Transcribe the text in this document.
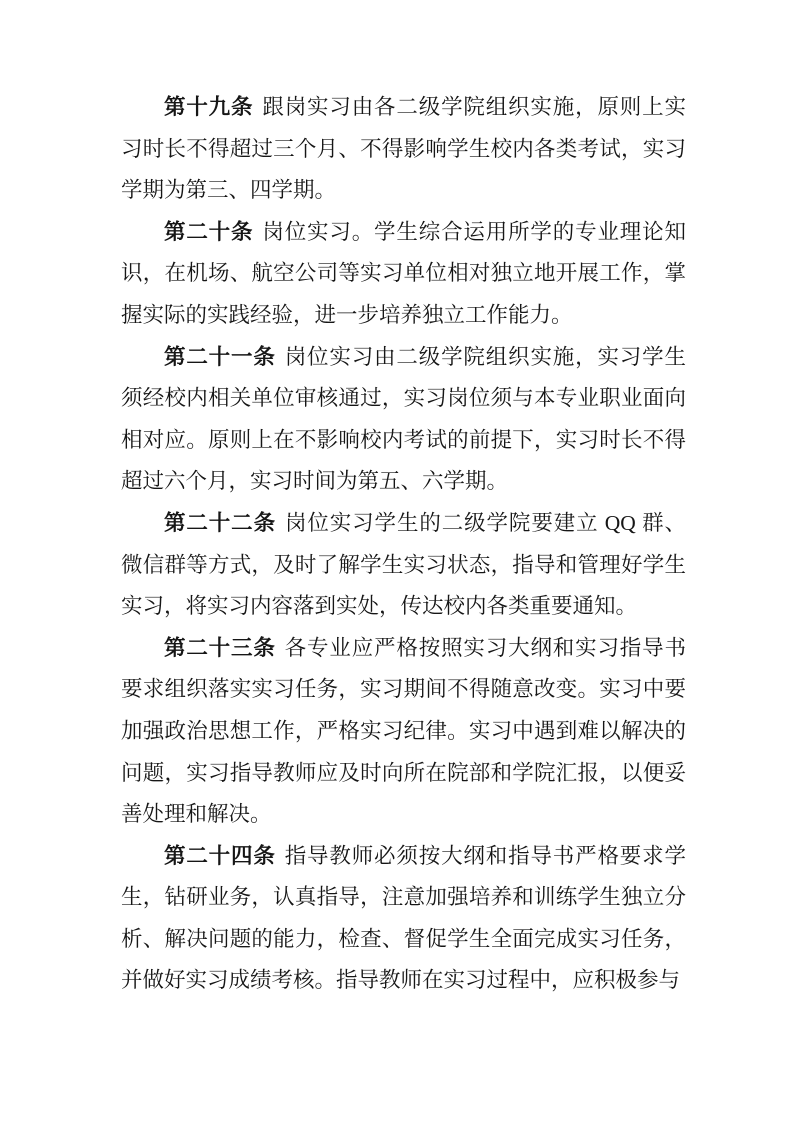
第十九条 跟岗实习由各二级学院组织实施，原则上实习时长不得超过三个月、不得影响学生校内各类考试，实习学期为第三、四学期。

第二十条 岗位实习。学生综合运用所学的专业理论知识，在机场、航空公司等实习单位相对独立地开展工作，掌握实际的实践经验，进一步培养独立工作能力。

第二十一条 岗位实习由二级学院组织实施，实习学生须经校内相关单位审核通过，实习岗位须与本专业职业面向相对应。原则上在不影响校内考试的前提下，实习时长不得超过六个月，实习时间为第五、六学期。

第二十二条 岗位实习学生的二级学院要建立 QQ 群、微信群等方式，及时了解学生实习状态，指导和管理好学生实习，将实习内容落到实处，传达校内各类重要通知。

第二十三条 各专业应严格按照实习大纲和实习指导书要求组织落实实习任务，实习期间不得随意改变。实习中要加强政治思想工作，严格实习纪律。实习中遇到难以解决的问题，实习指导教师应及时向所在院部和学院汇报，以便妥善处理和解决。

第二十四条 指导教师必须按大纲和指导书严格要求学生，钻研业务，认真指导，注意加强培养和训练学生独立分析、解决问题的能力，检查、督促学生全面完成实习任务，并做好实习成绩考核。指导教师在实习过程中，应积极参与
